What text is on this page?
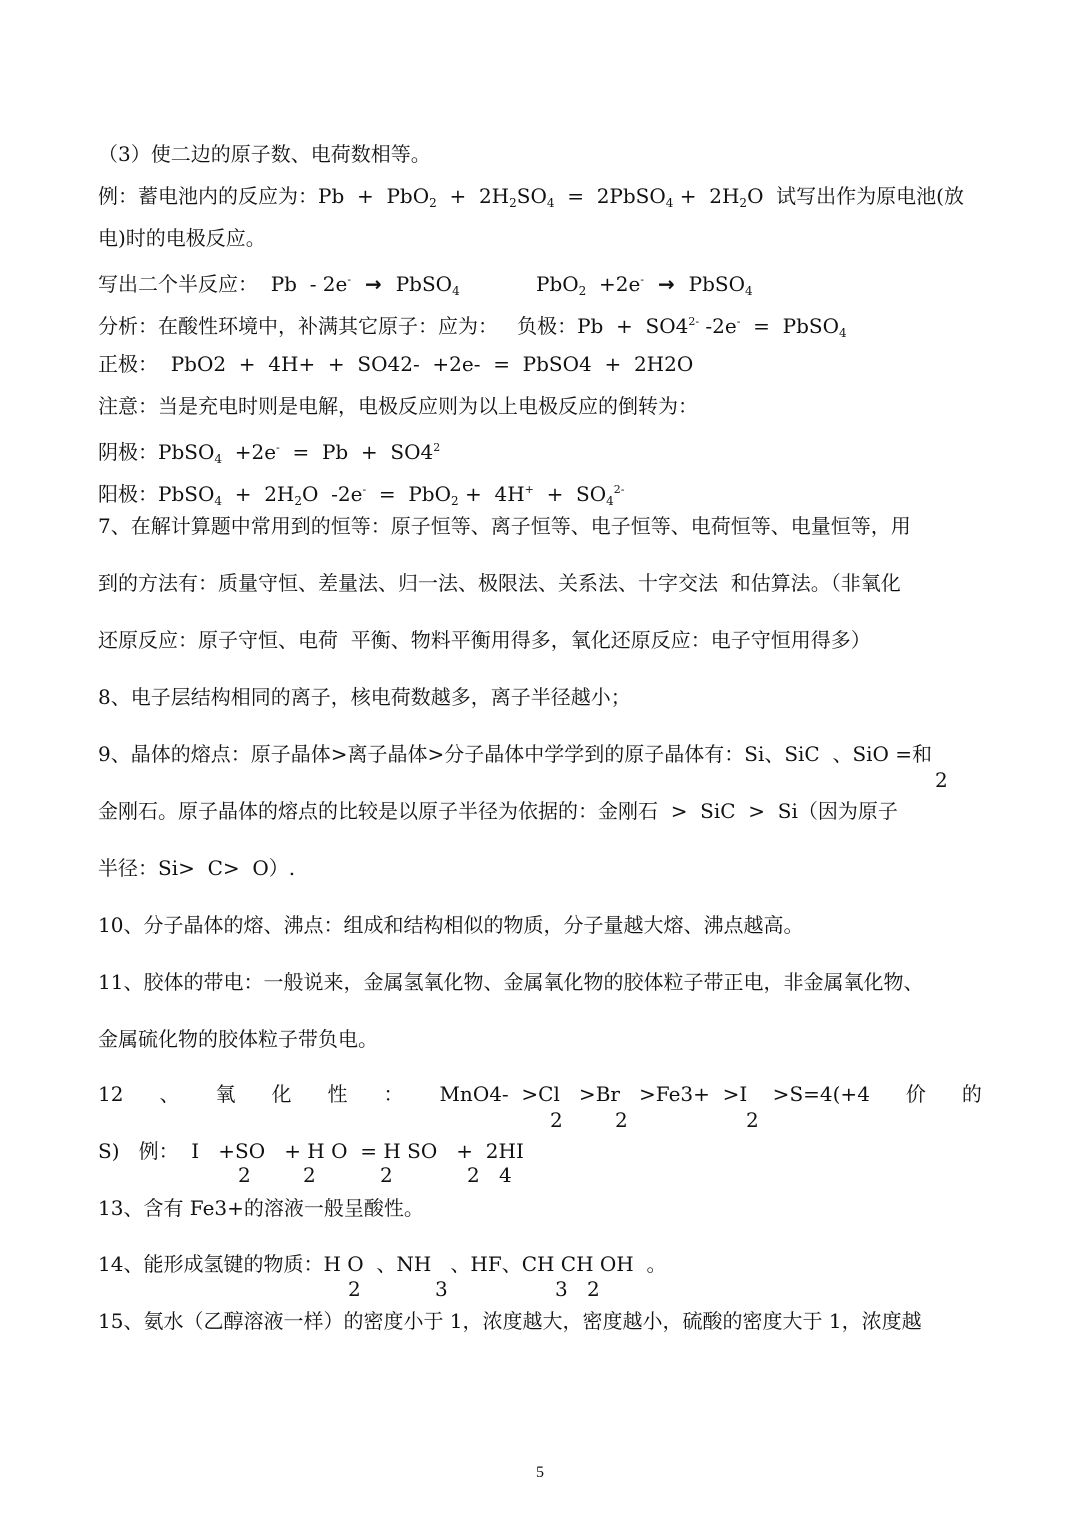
（3）使二边的原子数、电荷数相等。
例：蓄电池内的反应为：$Pb + PbO_2 + 2H_2SO_4$  =  2PbSO$_4$ +  $2H_2O$  试写出作为原电池(放
电)时的电极反应。
写出二个半反应：  Pb  - 2e-  →  PbSO$_4$	PbO$_2$  +2e-  →  PbSO$_4$
分析：在酸性环境中，补满其它原子：应为：   负极：$Pb + SO4^{2-}$ -2e-  =  PbSO$_4$
正极：  PbO2  +  4H+  +  SO42-  +2e-  =  PbSO4  +  2H2O
注意：当是充电时则是电解，电极反应则为以上电极反应的倒转为：
阴极：PbSO$_4$  $+2e^- = Pb + SO4^2$
阳极：PbSO$_4$  +  $2H_2O$  $-2e^- = PbO_2 + 4H^+ + SO_4^{2-}$
7、在解计算题中常用到的恒等：原子恒等、离子恒等、电子恒等、电荷恒等、电量恒等，用
到的方法有：质量守恒、差量法、归一法、极限法、关系法、十字交法  和估算法。（非氧化
还原反应：原子守恒、电荷  平衡、物料平衡用得多，氧化还原反应：电子守恒用得多）
8、电子层结构相同的离子，核电荷数越多，离子半径越小；
9、晶体的熔点：原子晶体>离子晶体>分子晶体中学学到的原子晶体有：Si、SiC  、SiO =和
2
金刚石。原子晶体的熔点的比较是以原子半径为依据的：金刚石  >  SiC  >  Si（因为原子
半径：Si>  C>  O）.
10、分子晶体的熔、沸点：组成和结构相似的物质，分子量越大熔、沸点越高。
11、胶体的带电：一般说来，金属氢氧化物、金属氧化物的胶体粒子带正电，非金属氧化物、
金属硫化物的胶体粒子带负电。
12 、 氧 化 性 ： MnO4-  >Cl   >Br   >Fe3+  >I    >S=4(+4 价 的
2	2	2
S)   例：  I   +SO   + H O  = H SO   +  2HI
2	2	2	2 4
13、含有 Fe3+的溶液一般呈酸性。
14、能形成氢键的物质：H O  、NH   、HF、CH CH OH  。
2	3	3 2
15、氨水（乙醇溶液一样）的密度小于 1，浓度越大，密度越小，硫酸的密度大于 1，浓度越
5
